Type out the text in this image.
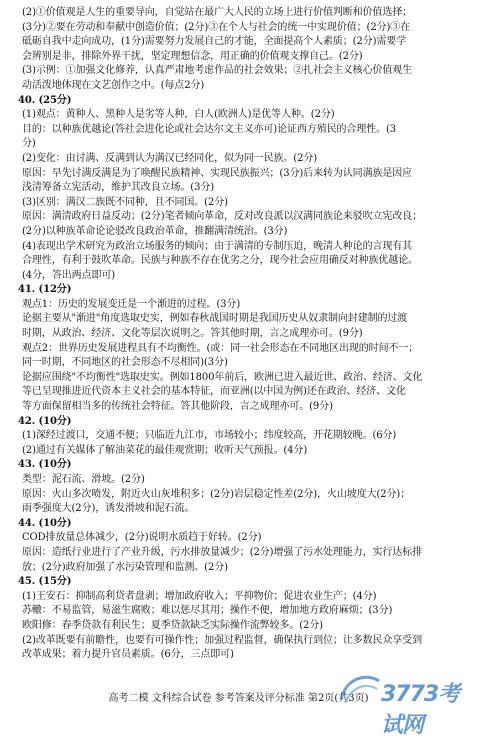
(2)①价值观是人生的重要导向，自觉站在最广大人民的立场上进行价值判断和价值选择；
(3分)②要在劳动和奉献中创造价值；(2分)③在个人与社会的统一中实现价值；(2分)③在
砥砺自我中走向成功，(1分)需要努力发展自己的才能，全面提高个人素质；(2分)需要学
会辨别是非，排除外界干扰，坚定理想信念，用正确的价值观支撑自己。(2分)
(3)示例：①加强文化修养，认真严肃地考虑作品的社会效果；②扎社会主义核心价值观生
动活泼地体现在文艺创作之中。(每点2分)
40. (25分)
(1)观点：黄种人、黑种人是劣等人种，白人(欧洲人)是优等人种。(2分)
目的：以种族优越论(答社会进化论或社会达尔文主义亦可)论证西方殖民的合理性。(3
分)
(2)变化：由讨满、反满到认为满汉已经同化，似为同一民族。(2分)
原因：早先讨满反满是为了唤醒民族精神、实现民族振兴；(3分)后来转为认同满族是因应
浅清筹备立宪活动，维护其改良立场。(3分)
(3)区别：满汉二族既不同种，且不同国。(2分)
原因：满清政府日益反动；(2分)笔者倾向革命，反对改良派以汉满同族论来驳吹立宪改良；
(2分)以种族革命论论驳改良政治革命，推翻满清统治。(3分)
(4)表现出学术研究为政治立场服务的倾向；由于满清的专制压迫，晚清人种论的言现有其
合理性，有利于鼓吹革命。民族与种族不存在优劣之分，现今社会应用确反对种族优越论。
(4分，答出两点即可)
41. (12分)
观点1：历史的发展变迁是一个渐进的过程。(3分)
论据主要从"渐进"角度选取史实，例如春秋战国时期是我国历史从奴隶制向封建制的过渡
时期，从政治、经济、文化等层次说明之。答其他时期，言之成理亦可。(9分)
观点2：世界历史发展进程具有不均衡性。(或：同一社会形态在不同地区出现的时间不一；
同一时期，不同地区的社会形态不尽相同)(3分)
论据应围绕"不均衡性"选取史实。例如1800年前后，欧洲已进入最近世、政治、经济、文化
等已呈现推进近代资本主义社会的基本特征，而亚洲(以中国为例)还在政治、经济、文化
等方面保留相当多的传统社会特征。答其他阶段，言之成理亦可。(9分)
42. (10分)
(1)深经过渡口，交通不便；只临近九江市，市场较小；纬度较高，开花期较晚。(6分)
(2)通过有关媒体了解油菜花的最佳观赏期；收听天气预报。(4分)
43. (10分)
类型：泥石流、滑坡。(2分)
原因：火山多次喷发，附近火山灰堆积多；(2分)岩层稳定性差(2分)，火山坡度大(2分)；
雨季强度大(2分)，诱发滑坡和泥石流。
44. (10分)
COD排放量总体减少，(2分)说明水质趋于好转。(2分)
原因：造纸行业进行了产业升级，污水排放量减少；(2分)增强了污水处理能力，实行达标排
放；(2分)政府加强了水污染管理和监测。(2分)
45. (15分)
(1)王安石：抑制高利贷者盘剥；增加政府收入；平抑物价；促进农业生产；(4分)
苏轍：不易监管，易滋生腐败；难以惩尽其用；操作不便，增加地方政府麻烦；(3分)
欧阳修：春季贷款有利民生；夏季贷款缺乏实际操作流弊较多。(2分)
(2)改革既要有前瞻性，也要有可操作性；加强过程监督，确保执行到位；让多数民众享受到
改革成果；着力提升官员素质。(6分，三点即可)
高考二模 文科综合试卷 参考答案及评分标准 第2页(共3页) 3773考试网
